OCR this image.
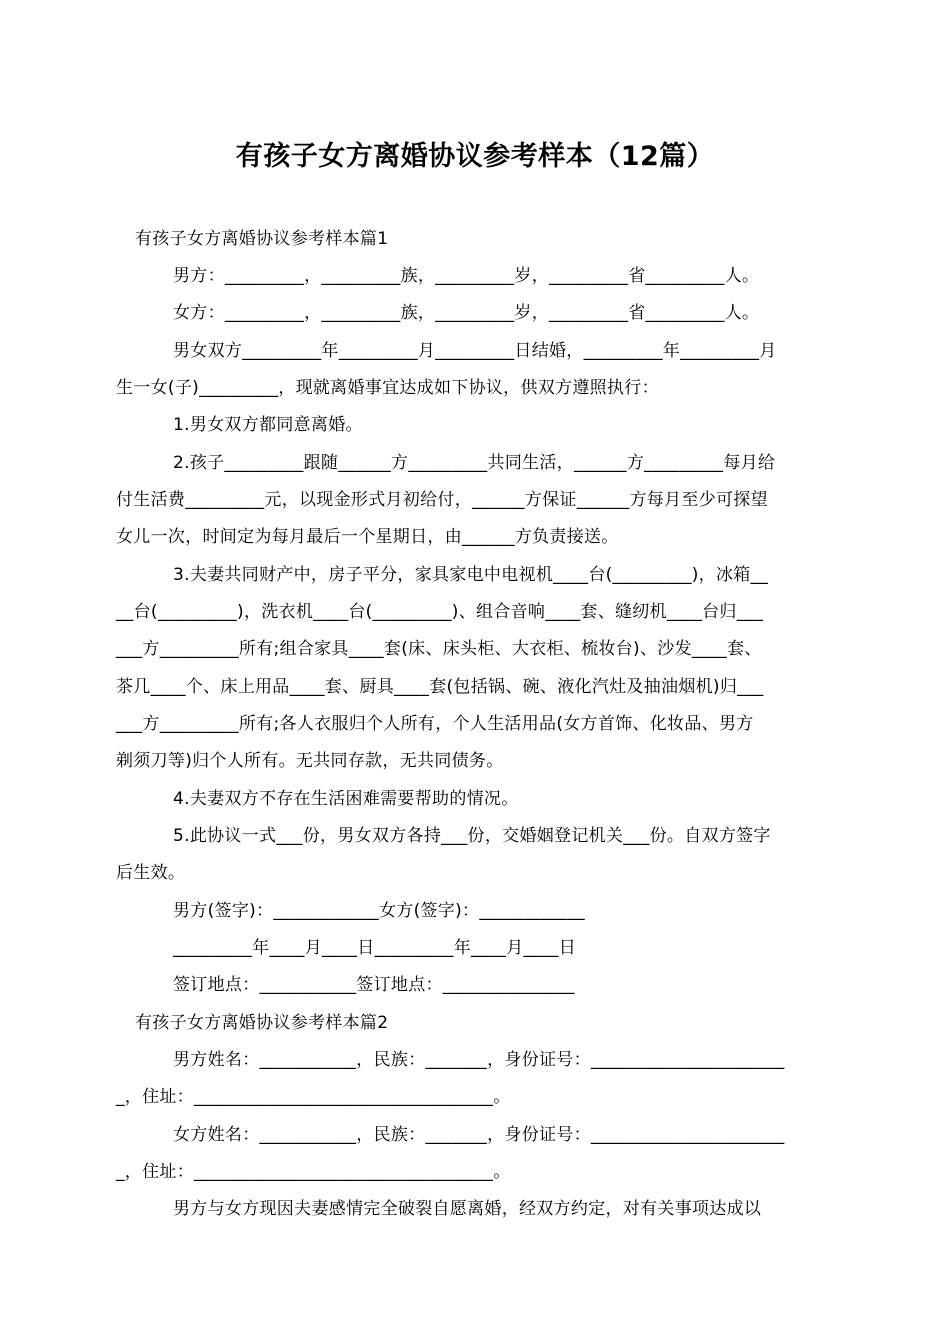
有孩子女方离婚协议参考样本（12篇）
有孩子女方离婚协议参考样本篇1
男方：_________，_________族，_________岁，_________省_________人。
女方：_________，_________族，_________岁，_________省_________人。
男女双方_________年_________月_________日结婚，_________年_________月
生一女(子)_________，现就离婚事宜达成如下协议，供双方遵照执行：
1.男女双方都同意离婚。
2.孩子_________跟随______方_________共同生活，______方_________每月给
付生活费_________元，以现金形式月初给付，______方保证______方每月至少可探望
女儿一次，时间定为每月最后一个星期日，由______方负责接送。
3.夫妻共同财产中，房子平分，家具家电中电视机____台(_________)，冰箱__
__台(_________)，洗衣机____台(_________)、组合音响____套、缝纫机____台归___
___方_________所有;组合家具____套(床、床头柜、大衣柜、梳妆台)、沙发____套、
茶几____个、床上用品____套、厨具____套(包括锅、碗、液化汽灶及抽油烟机)归___
___方_________所有;各人衣服归个人所有，个人生活用品(女方首饰、化妆品、男方
剃须刀等)归个人所有。无共同存款，无共同债务。
4.夫妻双方不存在生活困难需要帮助的情况。
5.此协议一式___份，男女双方各持___份，交婚姻登记机关___份。自双方签字
后生效。
男方(签字)：____________女方(签字)：____________
_________年____月____日_________年____月____日
签订地点：___________签订地点：_______________
有孩子女方离婚协议参考样本篇2
男方姓名：___________，民族：_______，身份证号：______________________
_，住址：__________________________________。
女方姓名：___________，民族：_______，身份证号：______________________
_，住址：__________________________________。
男方与女方现因夫妻感情完全破裂自愿离婚，经双方约定，对有关事项达成以
